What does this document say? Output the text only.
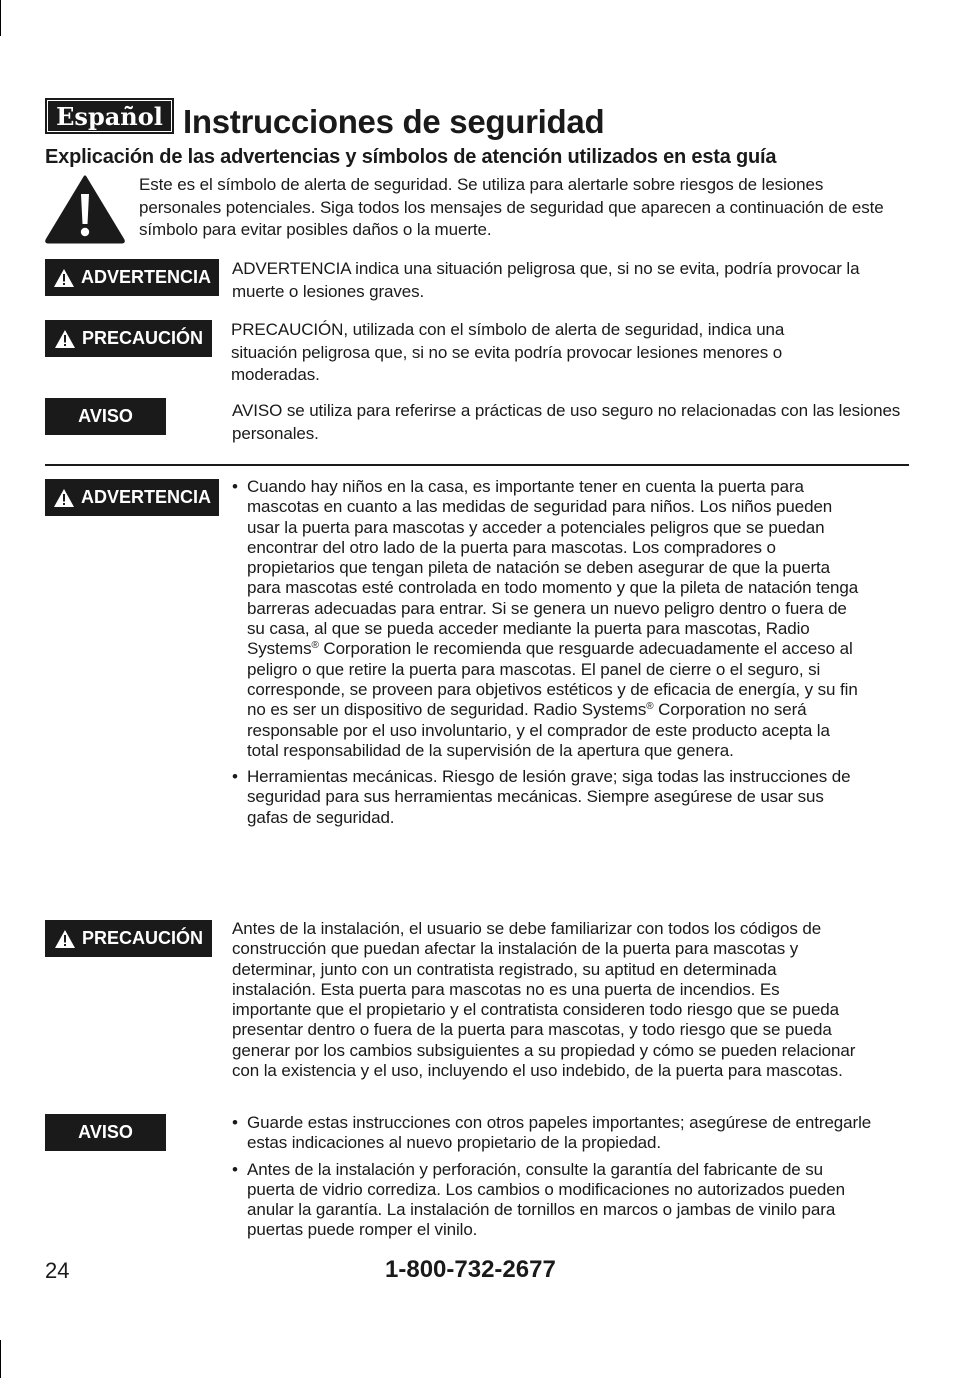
Español Instrucciones de seguridad
Explicación de las advertencias y símbolos de atención utilizados en esta guía

Este es el símbolo de alerta de seguridad. Se utiliza para alertarle sobre riesgos de lesiones personales potenciales. Siga todos los mensajes de seguridad que aparecen a continuación de este símbolo para evitar posibles daños o la muerte.

ADVERTENCIA ADVERTENCIA indica una situación peligrosa que, si no se evita, podría provocar la muerte o lesiones graves.

PRECAUCIÓN PRECAUCIÓN, utilizada con el símbolo de alerta de seguridad, indica una situación peligrosa que, si no se evita podría provocar lesiones menores o moderadas.

AVISO	AVISO se utiliza para referirse a prácticas de uso seguro no relacionadas con las lesiones personales.

ADVERTENCIA
• Cuando hay niños en la casa, es importante tener en cuenta la puerta para mascotas en cuanto a las medidas de seguridad para niños. Los niños pueden usar la puerta para mascotas y acceder a potenciales peligros que se puedan encontrar del otro lado de la puerta para mascotas. Los compradores o propietarios que tengan pileta de natación se deben asegurar de que la puerta para mascotas esté controlada en todo momento y que la pileta de natación tenga barreras adecuadas para entrar. Si se genera un nuevo peligro dentro o fuera de su casa, al que se pueda acceder mediante la puerta para mascotas, Radio Systems® Corporation le recomienda que resguarde adecuadamente el acceso al peligro o que retire la puerta para mascotas. El panel de cierre o el seguro, si corresponde, se proveen para objetivos estéticos y de eficacia de energía, y su fin no es ser un dispositivo de seguridad. Radio Systems® Corporation no será responsable por el uso involuntario, y el comprador de este producto acepta la total responsabilidad de la supervisión de la apertura que genera.
• Herramientas mecánicas. Riesgo de lesión grave; siga todas las instrucciones de seguridad para sus herramientas mecánicas. Siempre asegúrese de usar sus gafas de seguridad.
PRECAUCIÓN Antes de la instalación, el usuario se debe familiarizar con todos los códigos de construcción que puedan afectar la instalación de la puerta para mascotas y determinar, junto con un contratista registrado, su aptitud en determinada instalación. Esta puerta para mascotas no es una puerta de incendios. Es importante que el propietario y el contratista consideren todo riesgo que se pueda presentar dentro o fuera de la puerta para mascotas, y todo riesgo que se pueda generar por los cambios subsiguientes a su propiedad y cómo se pueden relacionar con la existencia y el uso, incluyendo el uso indebido, de la puerta para mascotas.

AVISO
•	Guarde estas instrucciones con otros papeles importantes; asegúrese de entregarle estas indicaciones al nuevo propietario de la propiedad.
• Antes de la instalación y perforación, consulte la garantía del fabricante de su puerta de vidrio corrediza. Los cambios o modificaciones no autorizados pueden anular la garantía. La instalación de tornillos en marcos o jambas de vinilo para puertas puede romper el vinilo.

24	1-800-732-2677
